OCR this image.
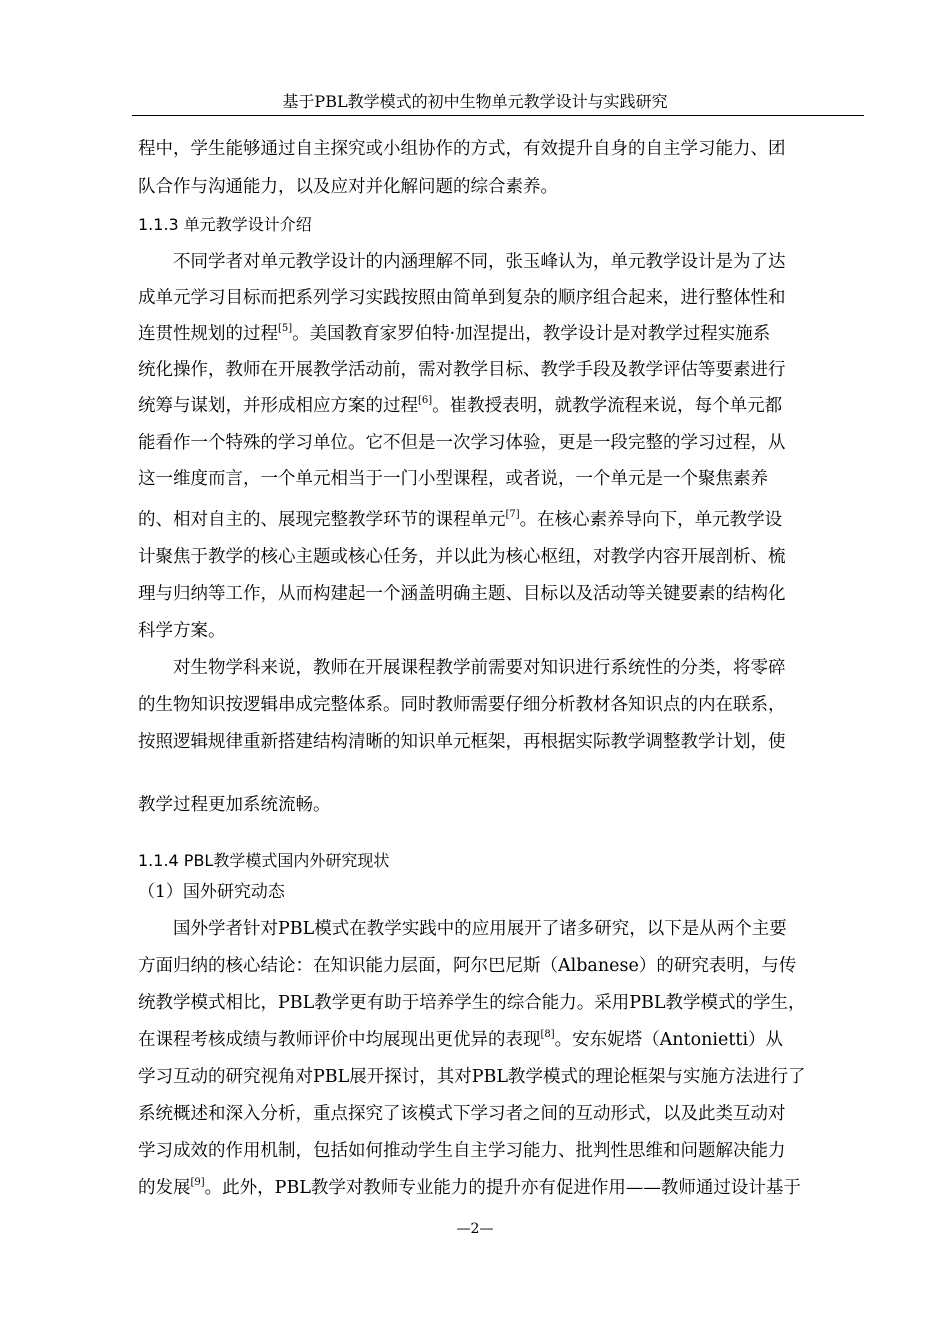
基于PBL教学模式的初中生物单元教学设计与实践研究
程中，学生能够通过自主探究或小组协作的方式，有效提升自身的自主学习能力、团
队合作与沟通能力，以及应对并化解问题的综合素养。
1.1.3 单元教学设计介绍
不同学者对单元教学设计的内涵理解不同，张玉峰认为，单元教学设计是为了达
成单元学习目标而把系列学习实践按照由简单到复杂的顺序组合起来，进行整体性和
连贯性规划的过程[5]。美国教育家罗伯特·加涅提出，教学设计是对教学过程实施系
统化操作，教师在开展教学活动前，需对教学目标、教学手段及教学评估等要素进行
统筹与谋划，并形成相应方案的过程[6]。崔教授表明，就教学流程来说，每个单元都
能看作一个特殊的学习单位。它不但是一次学习体验，更是一段完整的学习过程，从
这一维度而言，一个单元相当于一门小型课程，或者说，一个单元是一个聚焦素养
的、相对自主的、展现完整教学环节的课程单元[7]。在核心素养导向下，单元教学设
计聚焦于教学的核心主题或核心任务，并以此为核心枢纽，对教学内容开展剖析、梳
理与归纳等工作，从而构建起一个涵盖明确主题、目标以及活动等关键要素的结构化
科学方案。
对生物学科来说，教师在开展课程教学前需要对知识进行系统性的分类，将零碎
的生物知识按逻辑串成完整体系。同时教师需要仔细分析教材各知识点的内在联系，
按照逻辑规律重新搭建结构清晰的知识单元框架，再根据实际教学调整教学计划，使
教学过程更加系统流畅。
1.1.4 PBL教学模式国内外研究现状
（1）国外研究动态
国外学者针对PBL模式在教学实践中的应用展开了诸多研究，以下是从两个主要
方面归纳的核心结论：在知识能力层面，阿尔巴尼斯（Albanese）的研究表明，与传
统教学模式相比，PBL教学更有助于培养学生的综合能力。采用PBL教学模式的学生，
在课程考核成绩与教师评价中均展现出更优异的表现[8]。安东妮塔（Antonietti）从
学习互动的研究视角对PBL展开探讨，其对PBL教学模式的理论框架与实施方法进行了
系统概述和深入分析，重点探究了该模式下学习者之间的互动形式，以及此类互动对
学习成效的作用机制，包括如何推动学生自主学习能力、批判性思维和问题解决能力
的发展[9]。此外，PBL教学对教师专业能力的提升亦有促进作用——教师通过设计基于
—2—
